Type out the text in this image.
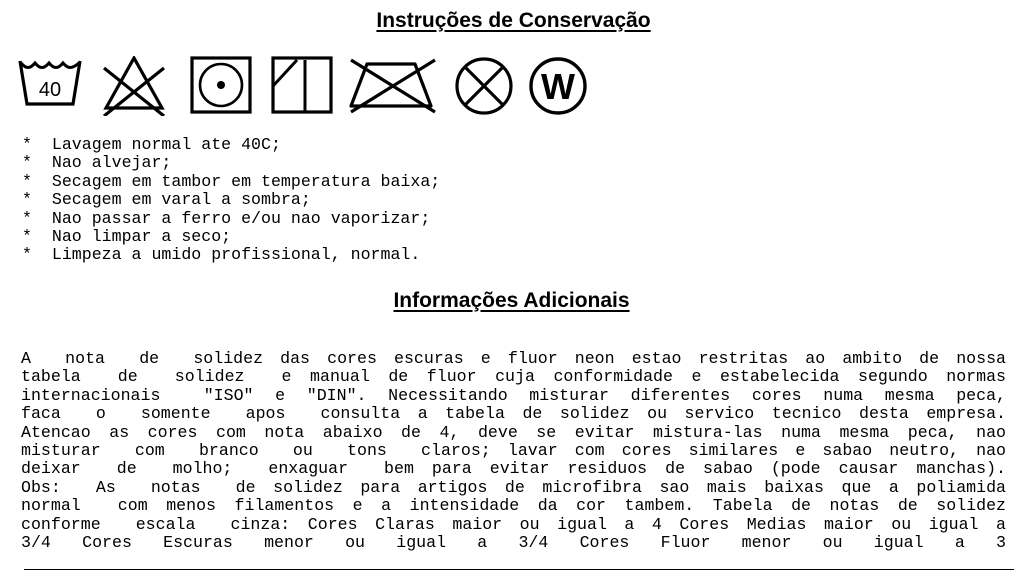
Instruções de Conservação
40	W
*  Lavagem normal ate 40C;
*  Nao alvejar;
*  Secagem em tambor em temperatura baixa;
*  Secagem em varal a sombra;
*  Nao passar a ferro e/ou nao vaporizar;
*  Nao limpar a seco;
*  Limpeza a umido profissional, normal.
Informações Adicionais
A  nota  de  solidez das cores escuras e fluor neon estao restritas ao ambito de nossa
tabela  de  solidez  e manual de fluor cuja conformidade e estabelecida segundo normas
internacionais  "ISO" e "DIN". Necessitando misturar diferentes cores numa mesma peca,
faca  o  somente  apos  consulta a tabela de solidez ou servico tecnico desta empresa.
Atencao as cores com nota abaixo de 4, deve se evitar mistura-las numa mesma peca, nao
misturar  com  branco  ou  tons  claros; lavar com cores similares e sabao neutro, nao
deixar  de  molho;  enxaguar  bem para evitar residuos de sabao (pode causar manchas).
Obs:  As  notas  de solidez para artigos de microfibra sao mais baixas que a poliamida
normal  com menos filamentos e a intensidade da cor tambem. Tabela de notas de solidez
conforme  escala  cinza: Cores Claras maior ou igual a 4 Cores Medias maior ou igual a
3/4  Cores  Escuras  menor  ou  igual  a  3/4  Cores  Fluor  menor  ou  igual  a  3
